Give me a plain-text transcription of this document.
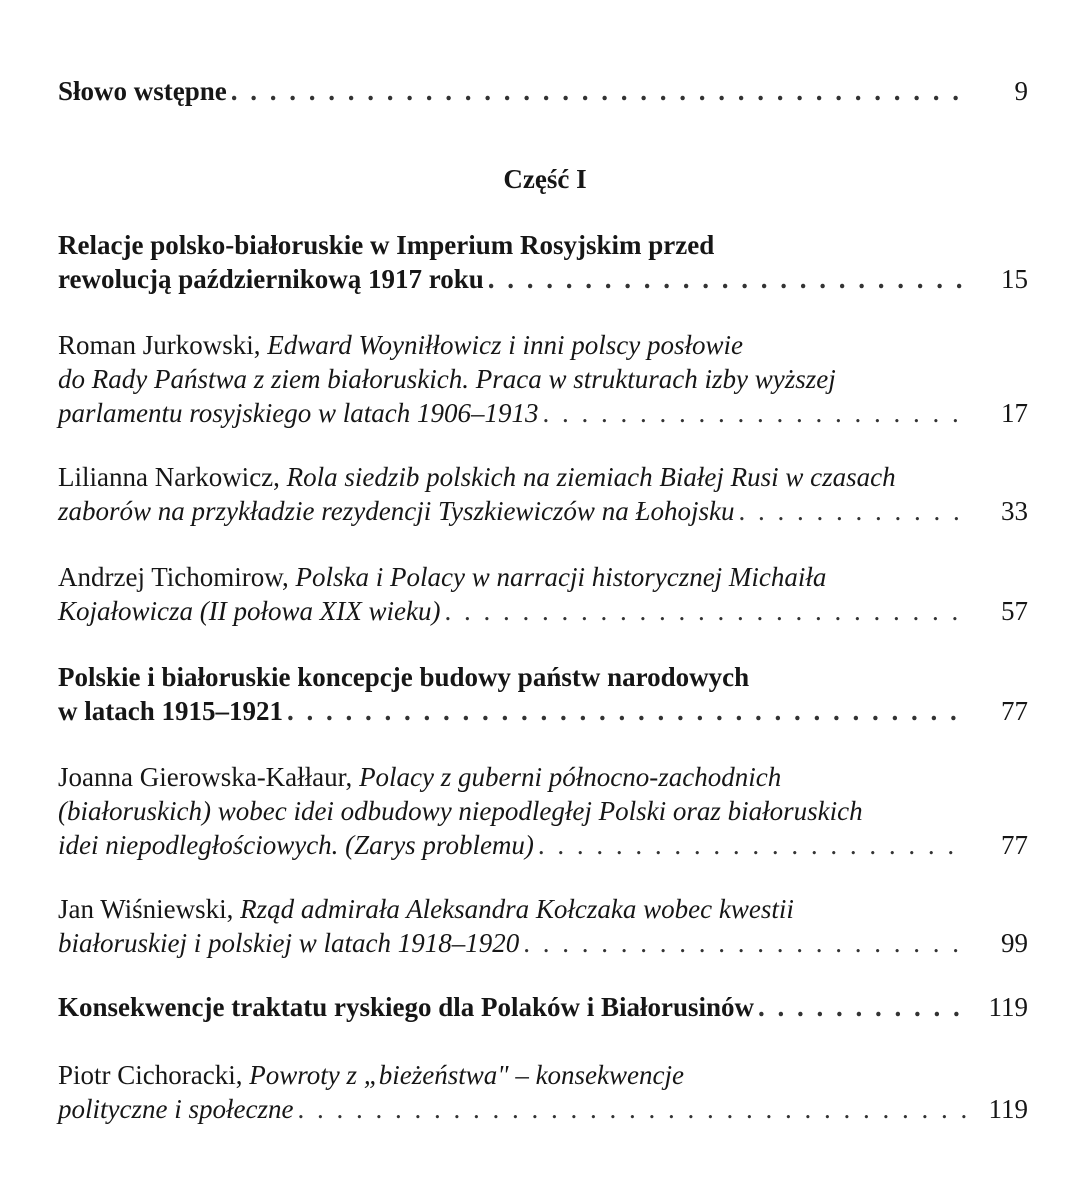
Słowo wstępne . . .	9
Część I
Relacje polsko-białoruskie w Imperium Rosyjskim przed
rewolucją październikową 1917 roku . . .	15
Roman Jurkowski, Edward Woyniłłowicz i inni polscy posłowie
do Rady Państwa z ziem białoruskich. Praca w strukturach izby wyższej
parlamentu rosyjskiego w latach 1906–1913 . . .	17
Lilianna Narkowicz, Rola siedzib polskich na ziemiach Białej Rusi w czasach
zaborów na przykładzie rezydencji Tyszkiewiczów na Łohojsku . . .	33
Andrzej Tichomirow, Polska i Polacy w narracji historycznej Michaiła
Kojałowicza (II połowa XIX wieku) . . .	57
Polskie i białoruskie koncepcje budowy państw narodowych
w latach 1915–1921 . . .	77
Joanna Gierowska-Kałłaur, Polacy z guberni północno-zachodnich
(białoruskich) wobec idei odbudowy niepodległej Polski oraz białoruskich
idei niepodległościowych. (Zarys problemu) . . .	77
Jan Wiśniewski, Rząd admirała Aleksandra Kołczaka wobec kwestii
białoruskiej i polskiej w latach 1918–1920 . . .	99
Konsekwencje traktatu ryskiego dla Polaków i Białorusinów . . .	119
Piotr Cichoracki, Powroty z „bieżeństwa" – konsekwencje
polityczne i społeczne . . .	119
